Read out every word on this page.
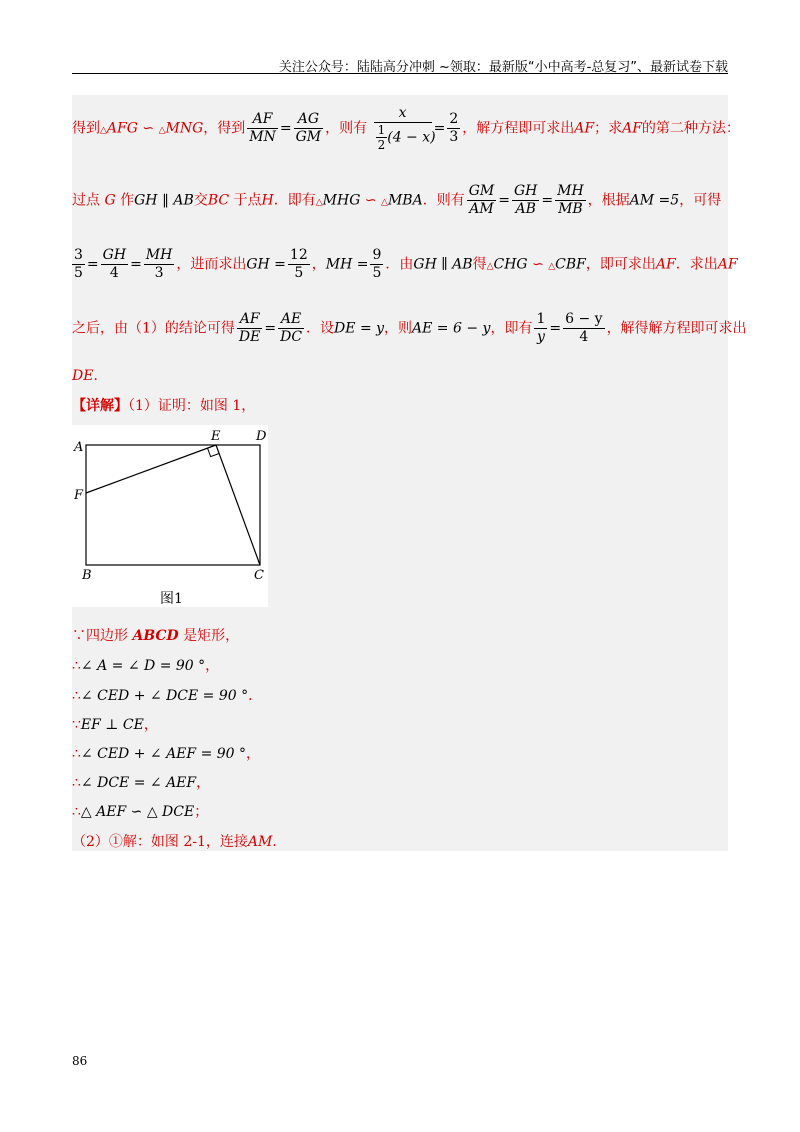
关注公众号：陆陆高分冲刺 ~领取：最新版“小中高考-总复习”、最新试卷下载
得到△AFG ∽ △MNG，得到 $\frac{AF}{MN} = \frac{AG}{GM}$ ，则有 $\frac{x}{\frac{1}{2} (4 - x)} = \frac{2}{3}$ ，解方程即可求出AF；求AF的第二种方法：
过点 G 作GH ∥ AB交BC 于点H．即有△MHG ∽ △MBA．则有 $\frac{GM}{AM} = \frac{GH}{AB} = \frac{MH}{MB}$ ，根据AM =5，可得
$\frac{3}{5} = \frac{GH}{4} = \frac{MH}{3}$ ，进而求出GH = $\frac{12}{5}$ ，MH = $\frac{9}{5}$ ．由GH ∥ AB得△CHG ∽ △CBF，即可求出AF．求出AF
之后，由（1）的结论可得 $\frac{AF}{DE} = \frac{AE}{DC}$ ．设DE = y，则AE = 6 − y，即有 $\frac{1}{y} = \frac{6 - y}{4}$ ，解得解方程即可求出
DE．
【详解】（1）证明：如图 1，
A
E	D
F
B	C
图1
∵四边形 ABCD 是矩形，
∴∠ A = ∠ D = 90 °，
∴∠ CED + ∠ DCE = 90 °．
∵EF ⊥ CE，
∴∠ CED + ∠ AEF = 90 °，
∴∠ DCE = ∠ AEF，
∴△ AEF ∽ △ DCE；
（2）①解：如图 2-1，连接AM．
86
